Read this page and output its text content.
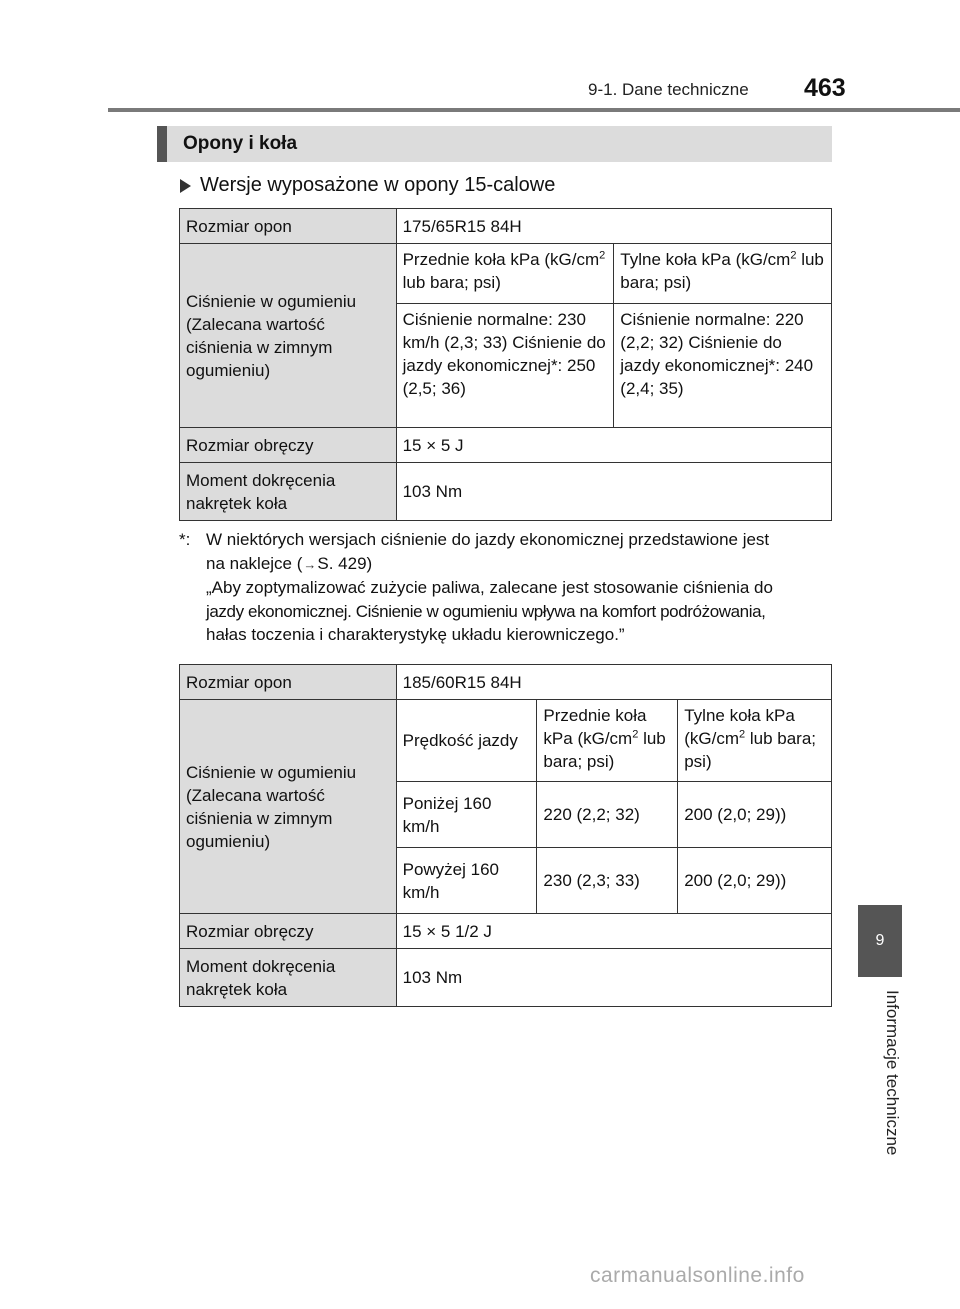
9-1. Dane techniczne 463
Opony i koła
Wersje wyposażone w opony 15-calowe
Rozmiar opon	175/65R15 84H	
Ciśnienie w ogumieniu (Zalecana wartość ciśnienia w zimnym ogumieniu)	Przednie koła kPa ($kG/cm^2$ lub bara; psi)	Tylne koła kPa ($kG/cm^2$ lub bara; psi)
	Ciśnienie normalne: 230 km/h (2,3; 33) Ciśnienie do jazdy ekonomicznej*: 250 (2,5; 36)	Ciśnienie normalne: 220 (2,2; 32) Ciśnienie do jazdy ekonomicznej*: 240 (2,4; 35)
Rozmiar obręczy	15 × 5 J	
Moment dokręcenia nakrętek koła	103 Nm	
*: W niektórych wersjach ciśnienie do jazdy ekonomicznej przedstawione jest
na naklejce (→S. 429)
„Aby zoptymalizować zużycie paliwa, zalecane jest stosowanie ciśnienia do
jazdy ekonomicznej. Ciśnienie w ogumieniu wpływa na komfort podróżowania,
hałas toczenia i charakterystykę układu kierowniczego.”
Rozmiar opon	185/60R15 84H		
Ciśnienie w ogumieniu (Zalecana wartość ciśnienia w zimnym ogumieniu)	Prędkość jazdy	Przednie koła kPa ($kG/cm^2$ lub bara; psi)	Tylne koła kPa ($kG/cm^2$ lub bara; psi)
	Poniżej 160 km/h	220 (2,2; 32)	200 (2,0; 29))
	Powyżej 160 km/h	230 (2,3; 33)	200 (2,0; 29))
Rozmiar obręczy	15 × 5 1/2 J		
Moment dokręcenia nakrętek koła	103 Nm		
9
Informacje techniczne
carmanualsonline.info
